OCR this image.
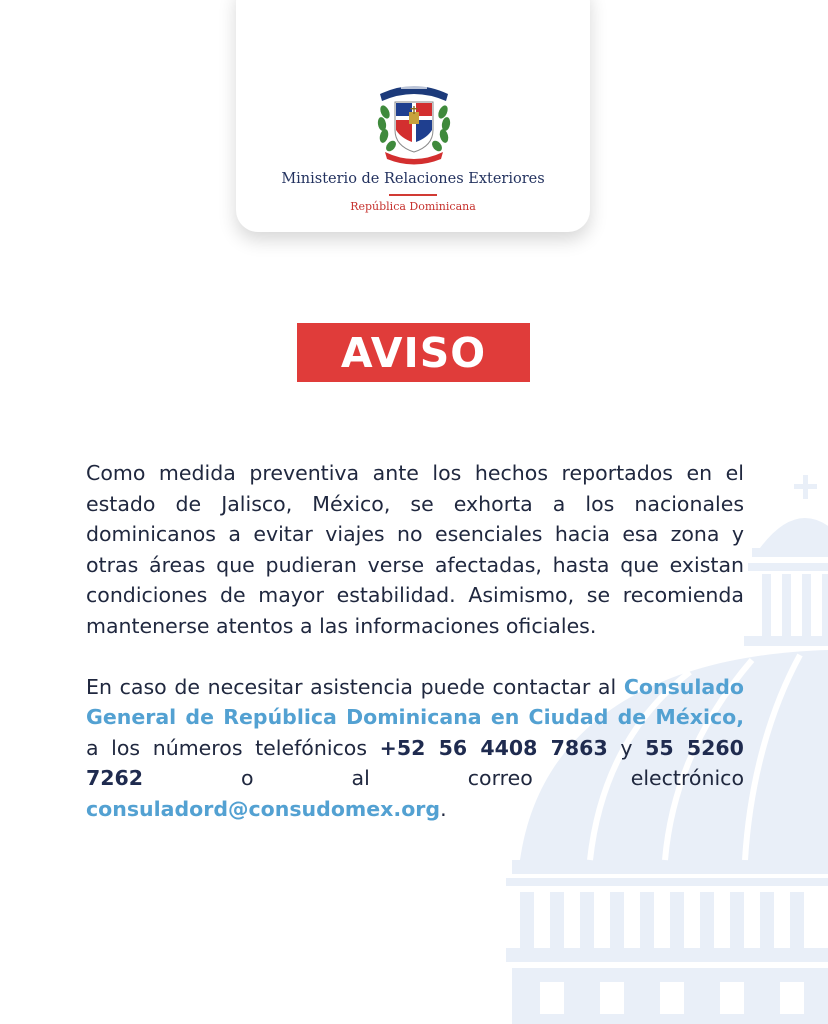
Ministerio de Relaciones Exteriores
República Dominicana
AVISO

Como medida preventiva ante los hechos reportados en el estado de Jalisco, México, se exhorta a los nacionales dominicanos a evitar viajes no esenciales hacia esa zona y otras áreas que pudieran verse afectadas, hasta que existan condiciones de mayor estabilidad. Asimismo, se recomienda mantenerse atentos a las informaciones oficiales.

En caso de necesitar asistencia puede contactar al Consulado General de República Dominicana en Ciudad de México, a los números telefónicos +52 56 4408 7863 y 55 5260 7262	o al correo electrónico consuladord@consudomex.org.
